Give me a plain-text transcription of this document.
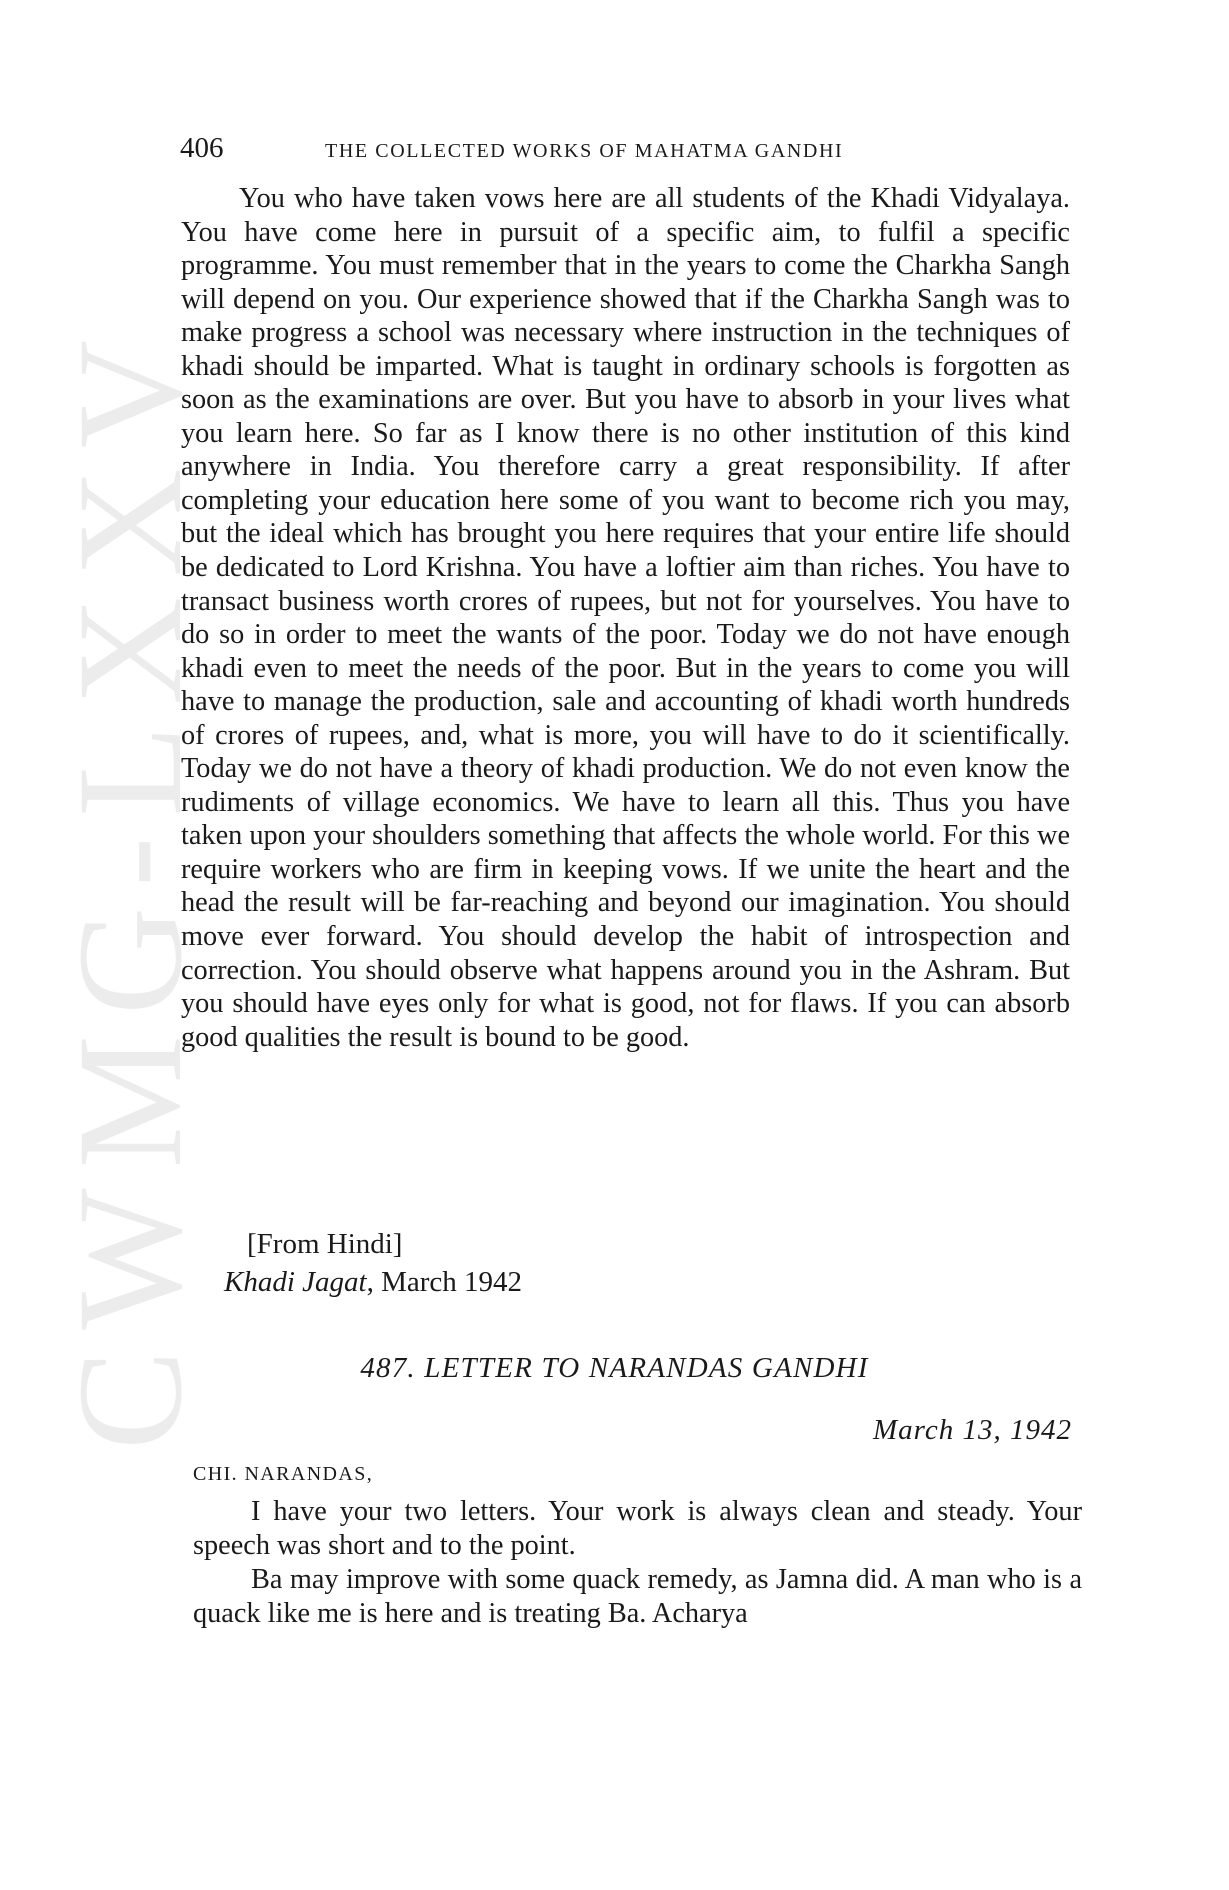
CWMG-LXXV
406	THE COLLECTED WORKS OF MAHATMA GANDHI

You who have taken vows here are all students of the Khadi Vidyalaya. You have come here in pursuit of a specific aim, to fulfil a specific programme. You must remember that in the years to come the Charkha Sangh will depend on you. Our experience showed that if the Charkha Sangh was to make progress a school was necessary where instruction in the techniques of khadi should be imparted. What is taught in ordinary schools is forgotten as soon as the examinations are over. But you have to absorb in your lives what you learn here. So far as I know there is no other institution of this kind anywhere in India. You therefore carry a great responsibility. If after completing your education here some of you want to become rich you may, but the ideal which has brought you here requires that your entire life should be dedicated to Lord Krishna. You have a loftier aim than riches. You have to transact business worth crores of rupees, but not for yourselves. You have to do so in order to meet the wants of the poor. Today we do not have enough khadi even to meet the needs of the poor. But in the years to come you will have to manage the production, sale and accounting of khadi worth hundreds of crores of rupees, and, what is more, you will have to do it scientifically. Today we do not have a theory of khadi production. We do not even know the rudiments of village economics. We have to learn all this. Thus you have taken upon your shoulders something that affects the whole world. For this we require workers who are firm in keeping vows. If we unite the heart and the head the result will be far-reaching and beyond our imagination. You should move ever forward. You should develop the habit of introspection and correction. You should observe what happens around you in the Ashram. But you should have eyes only for what is good, not for flaws. If you can absorb good qualities the result is bound to be good.

[From Hindi]
Khadi Jagat, March 1942
487. LETTER TO NARANDAS GANDHI
March 13, 1942
CHI. NARANDAS,

I have your two letters. Your work is always clean and steady. Your speech was short and to the point.

Ba may improve with some quack remedy, as Jamna did. A man who is a quack like me is here and is treating Ba. Acharya
